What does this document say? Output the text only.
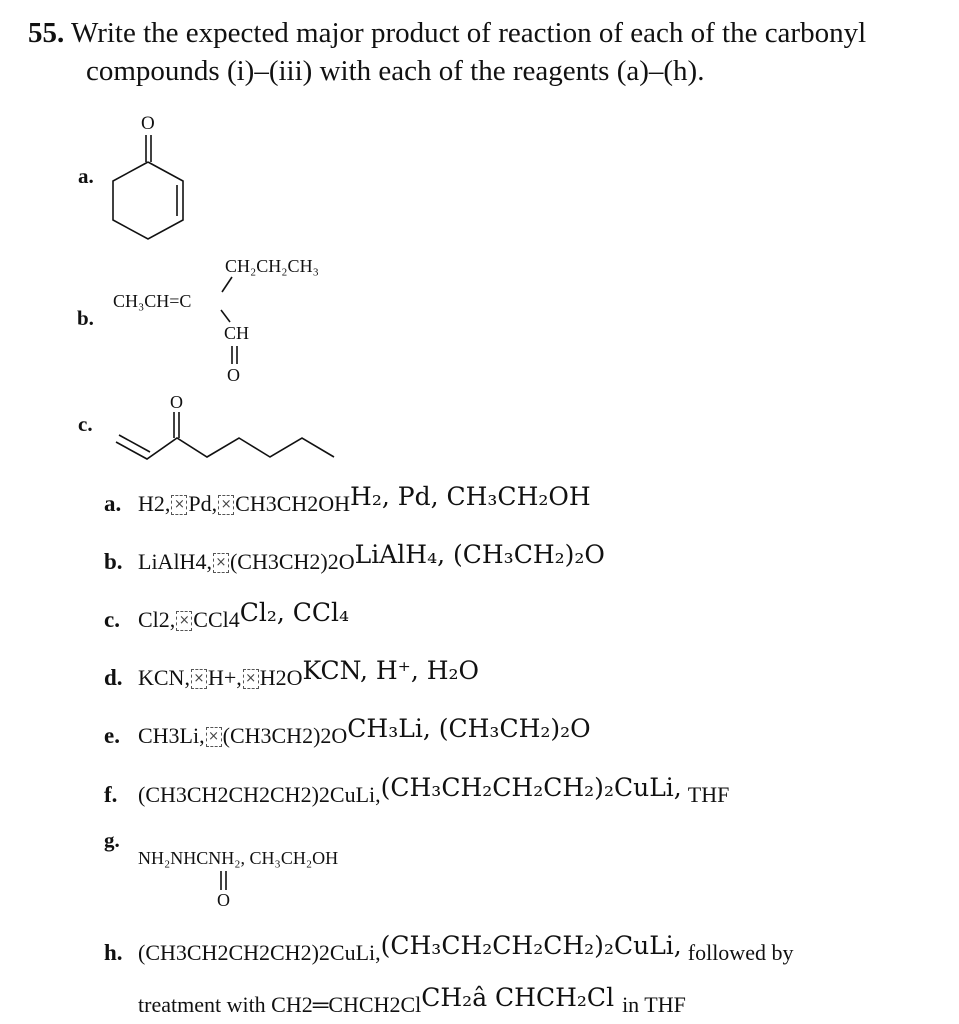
55. Write the expected major product of reaction of each of the carbonyl
compounds (i)–(iii) with each of the reagents (a)–(h).
a.
O
b.
CH₂CH₂CH₃
CH₃CH=C
CH
O
c.
O
a. H2, × Pd, × CH3CH2OH H₂, Pd, CH₃CH₂OH
b. LiAlH4, × (CH3CH2)2O LiAlH₄, (CH₃CH₂)₂O
c. Cl2, × CCl4 Cl₂, CCl₄
d. KCN, × H+, × H2O KCN, H⁺, H₂O
e. CH3Li, × (CH3CH2)2O CH₃Li, (CH₃CH₂)₂O
f. (CH3CH2CH2CH2)2CuLi, (CH₃CH₂CH₂CH₂)₂CuLi, THF
g.
NH₂NHCNH₂, CH₃CH₂OH
O
h. (CH3CH2CH2CH2)2CuLi, (CH₃CH₂CH₂CH₂)₂CuLi, followed by
treatment with CH2═CHCH2Cl CH₂â CHCH₂Cl in THF
